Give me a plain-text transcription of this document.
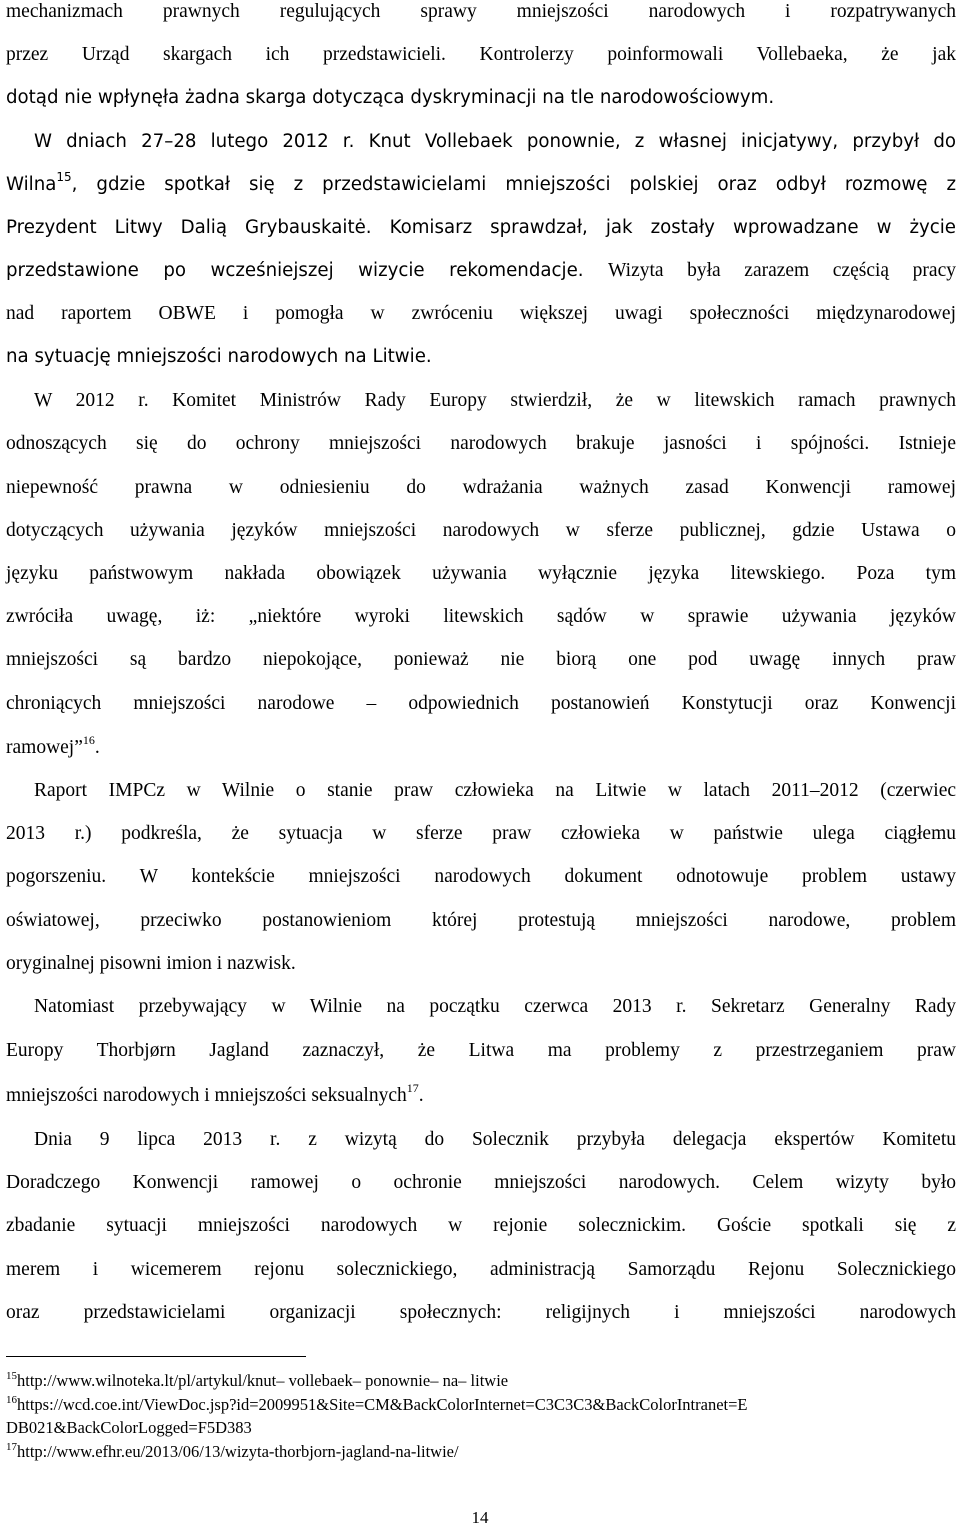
mechanizmach prawnych regulujących sprawy mniejszości narodowych i rozpatrywanych
przez Urząd skargach ich przedstawicieli. Kontrolerzy poinformowali Vollebaeka, że jak
dotąd nie wpłynęła żadna skarga dotycząca dyskryminacji na tle narodowościowym.
W dniach 27–28 lutego 2012 r. Knut Vollebaek ponownie, z własnej inicjatywy, przybył do
Wilna$^{15}$, gdzie spotkał się z przedstawicielami mniejszości polskiej oraz odbył rozmowę z
Prezydent Litwy Dalią Grybauskaitė. Komisarz sprawdzał, jak zostały wprowadzane w życie
przedstawione po wcześniejszej wizycie rekomendacje. Wizyta była zarazem częścią pracy
nad raportem OBWE i pomogła w zwróceniu większej uwagi społeczności międzynarodowej
na sytuację mniejszości narodowych na Litwie.
W 2012 r. Komitet Ministrów Rady Europy stwierdził, że w litewskich ramach prawnych
odnoszących się do ochrony mniejszości narodowych brakuje jasności i spójności. Istnieje
niepewność prawna w odniesieniu do wdrażania ważnych zasad Konwencji ramowej
dotyczących używania języków mniejszości narodowych w sferze publicznej, gdzie Ustawa o
języku państwowym nakłada obowiązek używania wyłącznie języka litewskiego. Poza tym
zwróciła uwagę, iż: „niektóre wyroki litewskich sądów w sprawie używania języków
mniejszości są bardzo niepokojące, ponieważ nie biorą one pod uwagę innych praw
chroniących mniejszości narodowe – odpowiednich postanowień Konstytucji oraz Konwencji
ramowej”$^{16}$.
Raport IMPCz w Wilnie o stanie praw człowieka na Litwie w latach 2011–2012 (czerwiec
2013 r.) podkreśla, że sytuacja w sferze praw człowieka w państwie ulega ciągłemu
pogorszeniu. W kontekście mniejszości narodowych dokument odnotowuje problem ustawy
oświatowej, przeciwko postanowieniom której protestują mniejszości narodowe, problem
oryginalnej pisowni imion i nazwisk.
Natomiast przebywający w Wilnie na początku czerwca 2013 r. Sekretarz Generalny Rady
Europy Thorbjørn Jagland zaznaczył, że Litwa ma problemy z przestrzeganiem praw
mniejszości narodowych i mniejszości seksualnych$^{17}$.
Dnia 9 lipca 2013 r. z wizytą do Solecznik przybyła delegacja ekspertów Komitetu
Doradczego Konwencji ramowej o ochronie mniejszości narodowych. Celem wizyty było
zbadanie sytuacji mniejszości narodowych w rejonie solecznickim. Goście spotkali się z
merem i wicemerem rejonu solecznickiego, administracją Samorządu Rejonu Solecznickiego
oraz przedstawicielami organizacji społecznych: religijnych i mniejszości narodowych
$^{15}$http://www.wilnoteka.lt/pl/artykul/knut– vollebaek– ponownie– na– litwie
$^{16}$https://wcd.coe.int/ViewDoc.jsp?id=2009951&Site=CM&BackColorInternet=C3C3C3&BackColorIntranet=E
DB021&BackColorLogged=F5D383
$^{17}$http://www.efhr.eu/2013/06/13/wizyta-thorbjorn-jagland-na-litwie/
14
